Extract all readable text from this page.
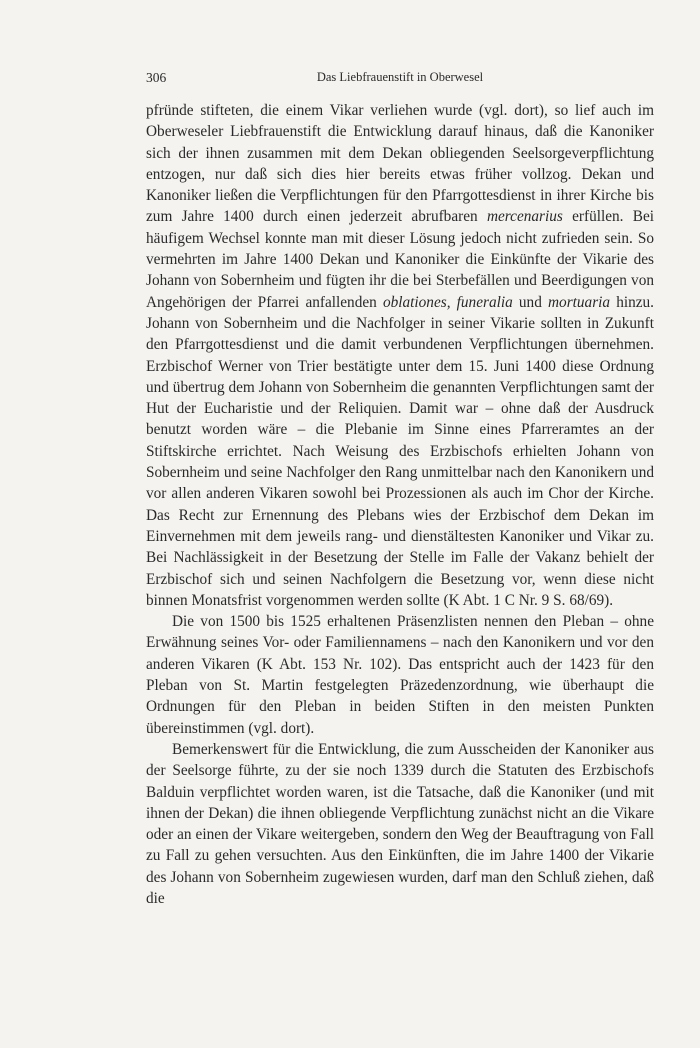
306	Das Liebfrauenstift in Oberwesel

pfründe stifteten, die einem Vikar verliehen wurde (vgl. dort), so lief auch im Oberweseler Liebfrauenstift die Entwicklung darauf hinaus, daß die Kanoniker sich der ihnen zusammen mit dem Dekan obliegenden Seelsorgeverpflichtung entzogen, nur daß sich dies hier bereits etwas früher vollzog. Dekan und Kanoniker ließen die Verpflichtungen für den Pfarrgottesdienst in ihrer Kirche bis zum Jahre 1400 durch einen jederzeit abrufbaren mercenarius erfüllen. Bei häufigem Wechsel konnte man mit dieser Lösung jedoch nicht zufrieden sein. So vermehrten im Jahre 1400 Dekan und Kanoniker die Einkünfte der Vikarie des Johann von Sobernheim und fügten ihr die bei Sterbefällen und Beerdigungen von Angehörigen der Pfarrei anfallenden oblationes, funeralia und mortuaria hinzu. Johann von Sobernheim und die Nachfolger in seiner Vikarie sollten in Zukunft den Pfarrgottesdienst und die damit verbundenen Verpflichtungen übernehmen. Erzbischof Werner von Trier bestätigte unter dem 15. Juni 1400 diese Ordnung und übertrug dem Johann von Sobernheim die genannten Verpflichtungen samt der Hut der Eucharistie und der Reliquien. Damit war – ohne daß der Ausdruck benutzt worden wäre – die Plebanie im Sinne eines Pfarreramtes an der Stiftskirche errichtet. Nach Weisung des Erzbischofs erhielten Johann von Sobernheim und seine Nachfolger den Rang unmittelbar nach den Kanonikern und vor allen anderen Vikaren sowohl bei Prozessionen als auch im Chor der Kirche. Das Recht zur Ernennung des Plebans wies der Erzbischof dem Dekan im Einvernehmen mit dem jeweils rang- und dienstältesten Kanoniker und Vikar zu. Bei Nachlässigkeit in der Besetzung der Stelle im Falle der Vakanz behielt der Erzbischof sich und seinen Nachfolgern die Besetzung vor, wenn diese nicht binnen Monatsfrist vorgenommen werden sollte (K Abt. 1 C Nr. 9 S. 68/69).

Die von 1500 bis 1525 erhaltenen Präsenzlisten nennen den Pleban – ohne Erwähnung seines Vor- oder Familiennamens – nach den Kanonikern und vor den anderen Vikaren (K Abt. 153 Nr. 102). Das entspricht auch der 1423 für den Pleban von St. Martin festgelegten Präzedenzordnung, wie überhaupt die Ordnungen für den Pleban in beiden Stiften in den meisten Punkten übereinstimmen (vgl. dort).

Bemerkenswert für die Entwicklung, die zum Ausscheiden der Kanoniker aus der Seelsorge führte, zu der sie noch 1339 durch die Statuten des Erzbischofs Balduin verpflichtet worden waren, ist die Tatsache, daß die Kanoniker (und mit ihnen der Dekan) die ihnen obliegende Verpflichtung zunächst nicht an die Vikare oder an einen der Vikare weitergeben, sondern den Weg der Beauftragung von Fall zu Fall zu gehen versuchten. Aus den Einkünften, die im Jahre 1400 der Vikarie des Johann von Sobernheim zugewiesen wurden, darf man den Schluß ziehen, daß die
